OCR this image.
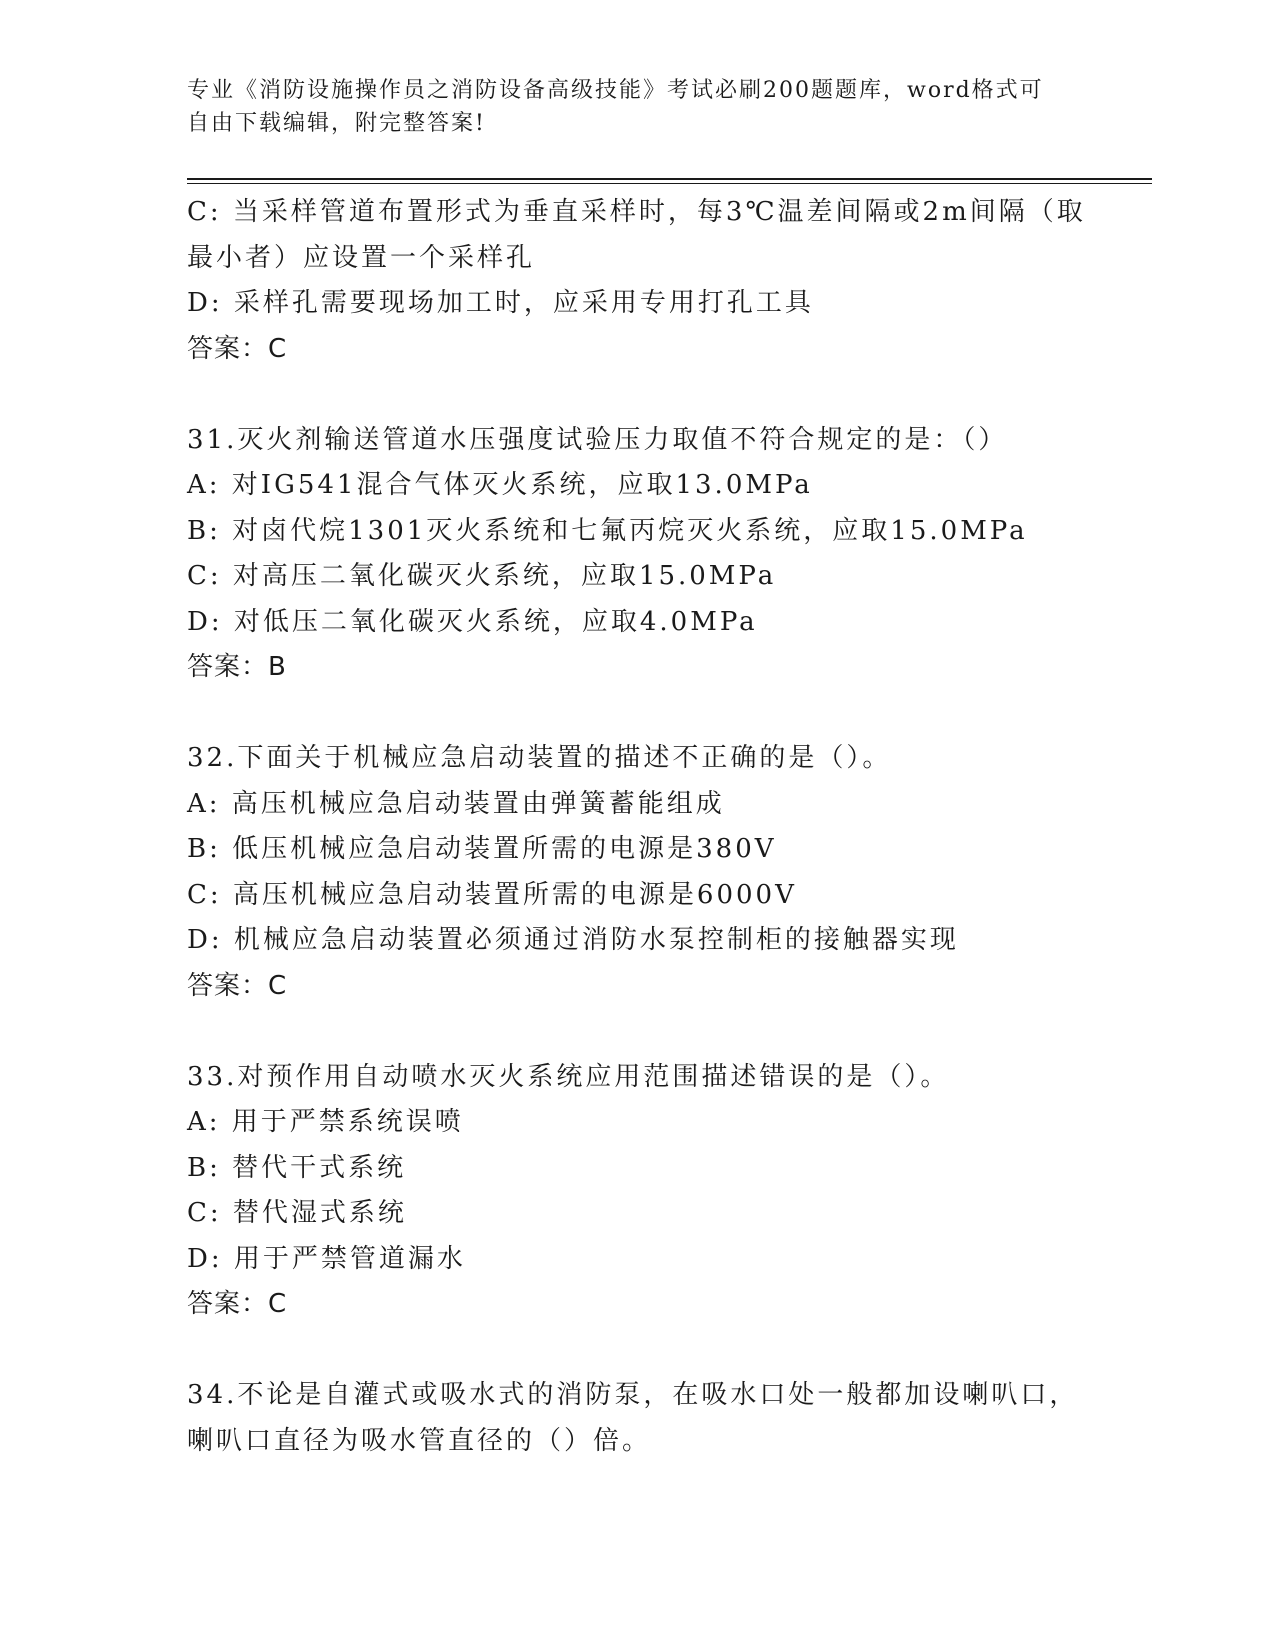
专业《消防设施操作员之消防设备高级技能》考试必刷200题题库，word格式可
自由下载编辑，附完整答案!
C: 当采样管道布置形式为垂直采样时，每3℃温差间隔或2m间隔（取
最小者）应设置一个采样孔
D: 采样孔需要现场加工时，应采用专用打孔工具
答案：C
31.灭火剂输送管道水压强度试验压力取值不符合规定的是：（）
A: 对IG541混合气体灭火系统，应取13.0MPa
B: 对卤代烷1301灭火系统和七氟丙烷灭火系统，应取15.0MPa
C: 对高压二氧化碳灭火系统，应取15.0MPa
D: 对低压二氧化碳灭火系统，应取4.0MPa
答案：B
32.下面关于机械应急启动装置的描述不正确的是（）。
A: 高压机械应急启动装置由弹簧蓄能组成
B: 低压机械应急启动装置所需的电源是380V
C: 高压机械应急启动装置所需的电源是6000V
D: 机械应急启动装置必须通过消防水泵控制柜的接触器实现
答案：C
33.对预作用自动喷水灭火系统应用范围描述错误的是（）。
A: 用于严禁系统误喷
B: 替代干式系统
C: 替代湿式系统
D: 用于严禁管道漏水
答案：C
34.不论是自灌式或吸水式的消防泵，在吸水口处一般都加设喇叭口，
喇叭口直径为吸水管直径的（）倍。
